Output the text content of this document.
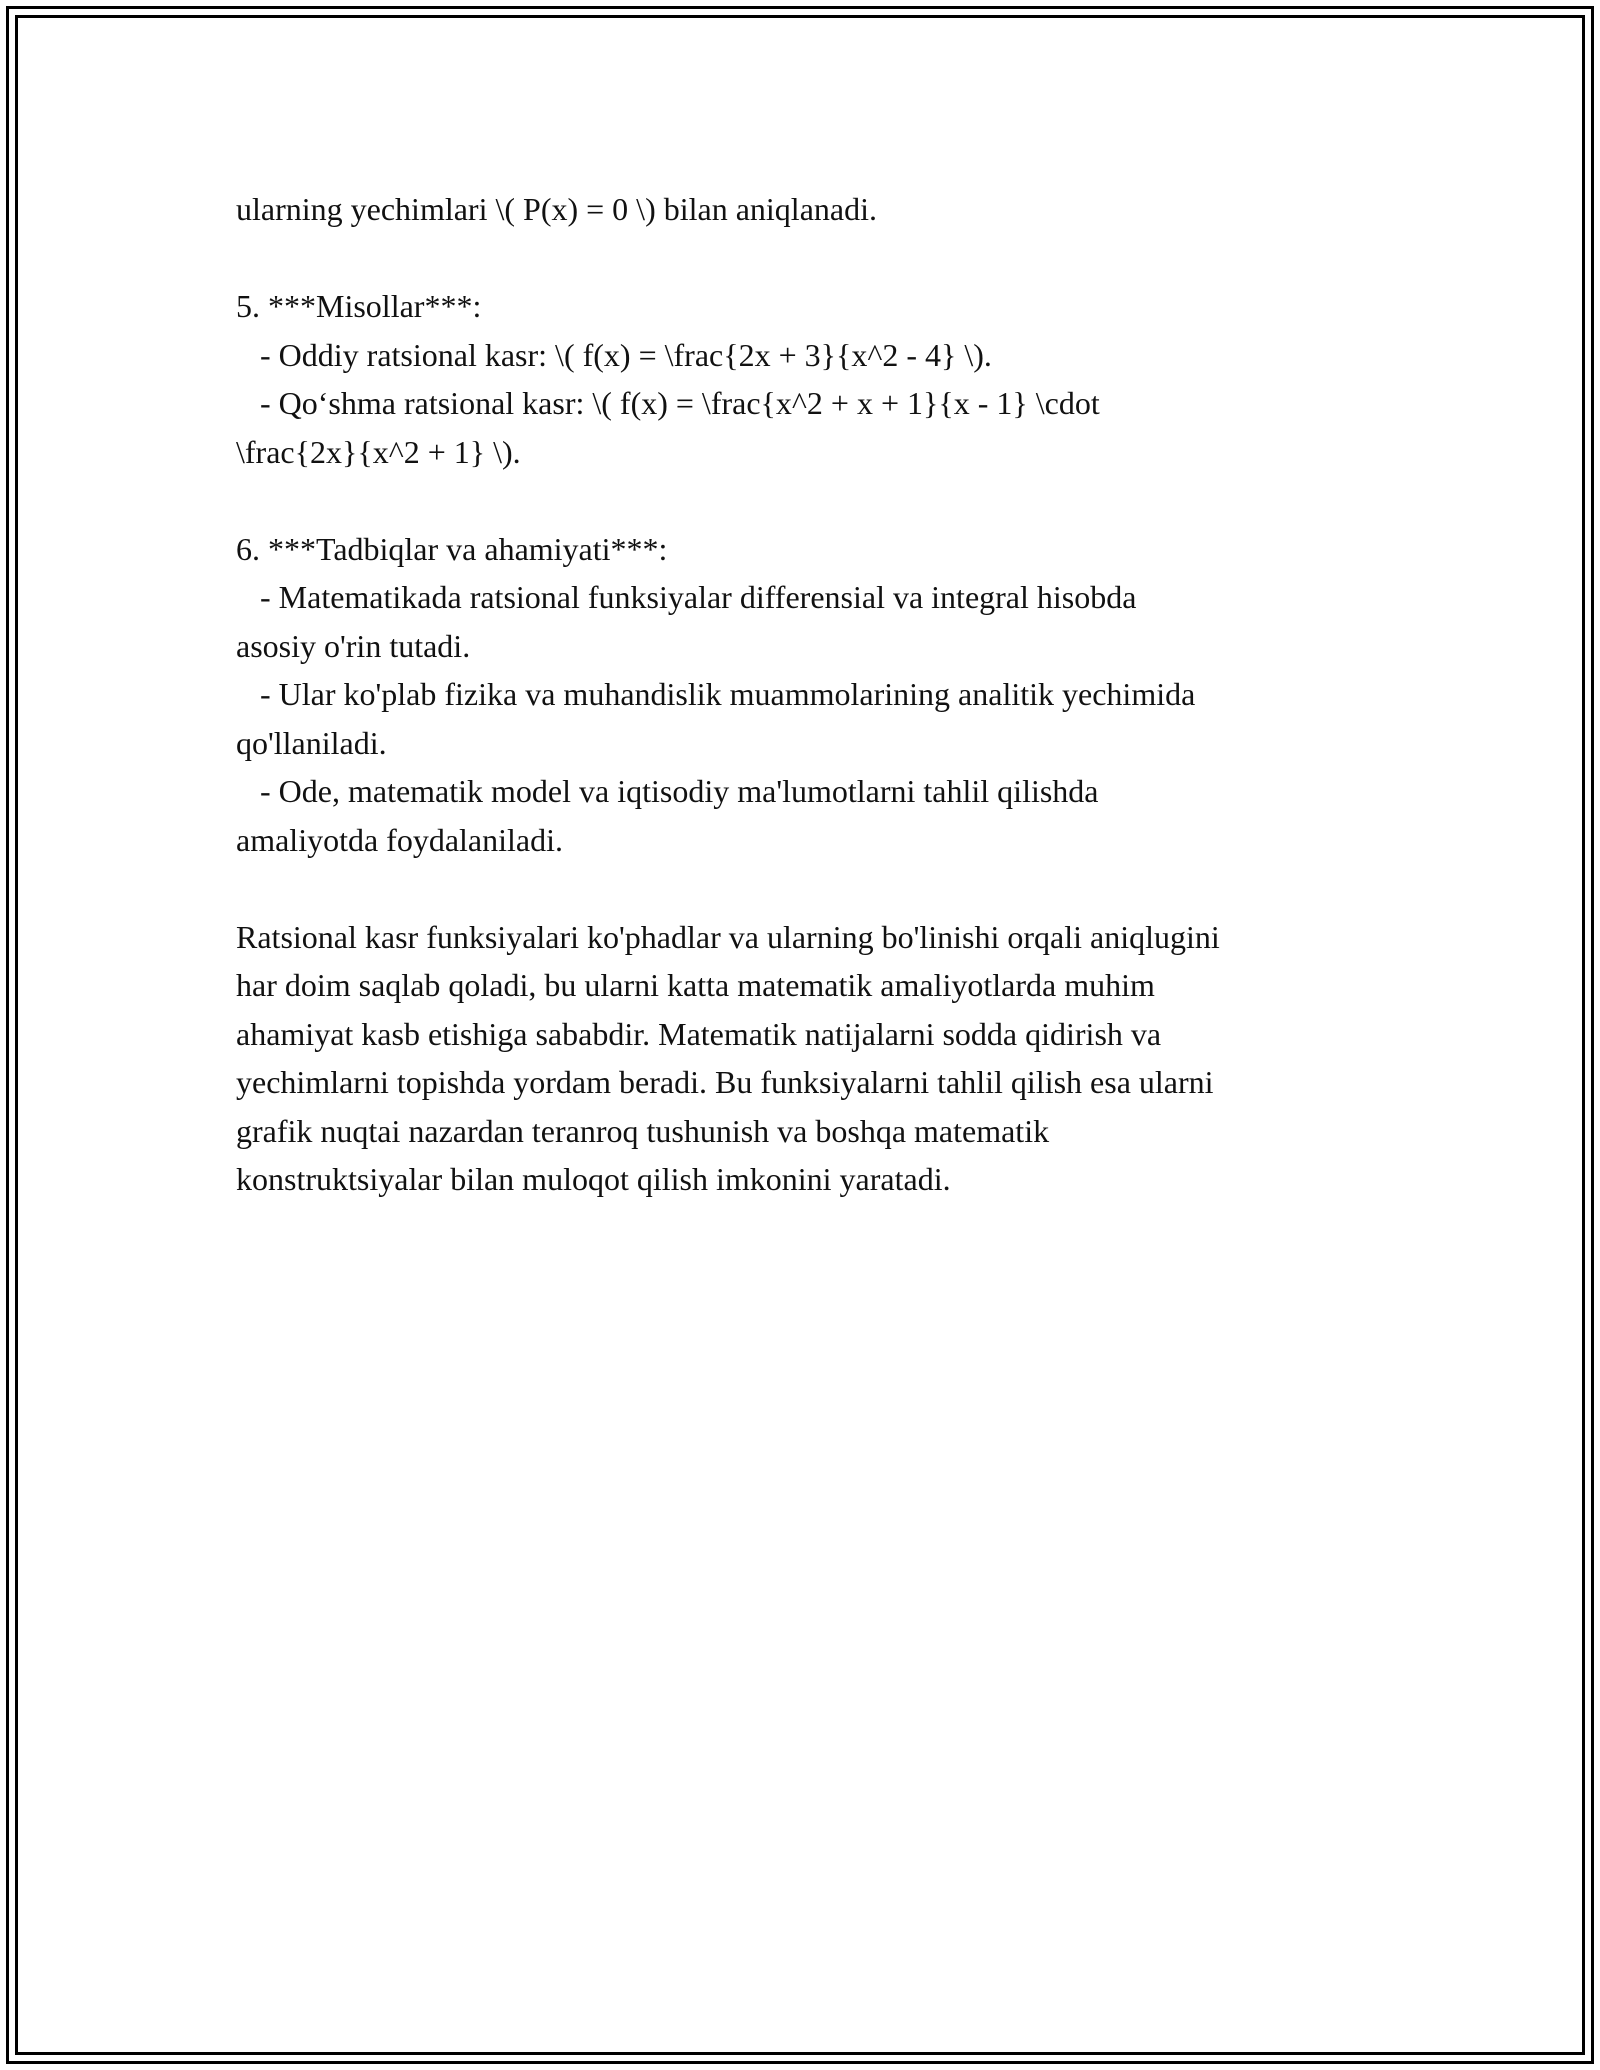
ularning yechimlari \( P(x) = 0 \) bilan aniqlanadi.
5. ***Misollar***:
- Oddiy ratsional kasr: \( f(x) = \frac{2x + 3}{x^2 - 4} \).
- Qo‘shma ratsional kasr: \( f(x) = \frac{x^2 + x + 1}{x - 1} \cdot
\frac{2x}{x^2 + 1} \).
6. ***Tadbiqlar va ahamiyati***:
- Matematikada ratsional funksiyalar differensial va integral hisobda
asosiy o'rin tutadi.
- Ular ko'plab fizika va muhandislik muammolarining analitik yechimida
qo'llaniladi.
- Ode, matematik model va iqtisodiy ma'lumotlarni tahlil qilishda
amaliyotda foydalaniladi.
Ratsional kasr funksiyalari ko'phadlar va ularning bo'linishi orqali aniqlugini
har doim saqlab qoladi, bu ularni katta matematik amaliyotlarda muhim
ahamiyat kasb etishiga sababdir. Matematik natijalarni sodda qidirish va
yechimlarni topishda yordam beradi. Bu funksiyalarni tahlil qilish esa ularni
grafik nuqtai nazardan teranroq tushunish va boshqa matematik
konstruktsiyalar bilan muloqot qilish imkonini yaratadi.
